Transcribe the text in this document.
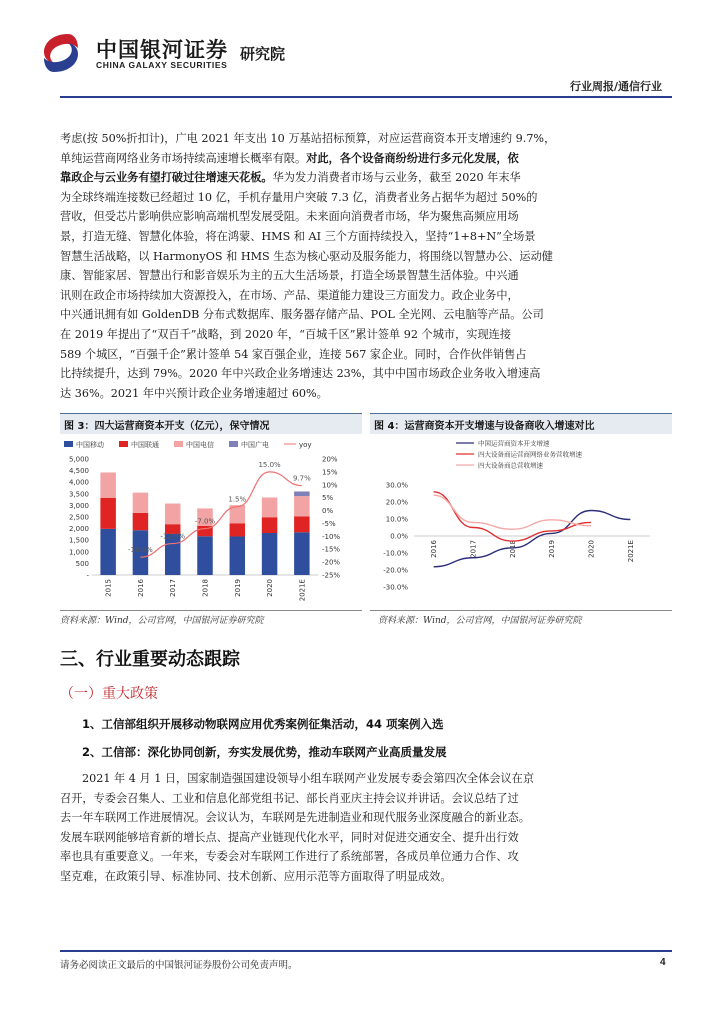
中国银河证券
CHINA GALAXY SECURITIES
研究院
行业周报/通信行业
考虑(按 50%折扣计)，广电 2021 年支出 10 万基站招标预算，对应运营商资本开支增速约 9.7%，
单纯运营商网络业务市场持续高速增长概率有限。对此，各个设备商纷纷进行多元化发展，依
靠政企与云业务有望打破过往增速天花板。华为发力消费者市场与云业务，截至 2020 年末华
为全球终端连接数已经超过 10 亿，手机存量用户突破 7.3 亿，消费者业务占据华为超过 50%的
营收，但受芯片影响供应影响高端机型发展受阻。未来面向消费者市场，华为聚焦高频应用场
景，打造无缝、智慧化体验，将在鸿蒙、HMS 和 AI 三个方面持续投入，坚持“1+8+N”全场景
智慧生活战略，以 HarmonyOS 和 HMS 生态为核心驱动及服务能力，将围绕以智慧办公、运动健
康、智能家居、智慧出行和影音娱乐为主的五大生活场景，打造全场景智慧生活体验。中兴通
讯则在政企市场持续加大资源投入，在市场、产品、渠道能力建设三方面发力。政企业务中，
中兴通讯拥有如 GoldenDB 分布式数据库、服务器存储产品、POL 全光网、云电脑等产品。公司
在 2019 年提出了“双百千”战略，到 2020 年，“百城千区”累计签单 92 个城市，实现连接
589 个城区，“百强千企”累计签单 54 家百强企业，连接 567 家企业。同时，合作伙伴销售占
比持续提升，达到 79%。2020 年中兴政企业务增速达 23%，其中中国市场政企业务收入增速高
达 36%。2021 年中兴预计政企业务增速超过 60%。
图 3：四大运营商资本开支（亿元），保守情况	图 4：运营商资本开支增速与设备商收入增速对比
中国移动	中国联通	中国电信	中国广电	yoy
5,000
4,500
4,000
3,500
3,000
2,500
2,000
1,500
1,000
500
-
20%
15%
10%
5%
0%
-5%
-10%
-15%
-20%
-25%
2015	2016	2017	2018	2019	2020	2021E
-18.1%
-12.8%
-7.0%
1.5%
15.0%
9.7%
中国运营商资本开支增速
四大设备商运营商网络业务营收增速
四大设备商总营收增速
30.0%
20.0%
10.0%
0.0%
-10.0%
-20.0%
-30.0%
2016	2017	2018	2019	2020	2021E
资料来源：Wind，公司官网，中国银河证券研究院	资料来源：Wind，公司官网，中国银河证券研究院
三、行业重要动态跟踪
（一）重大政策
1、工信部组织开展移动物联网应用优秀案例征集活动，44 项案例入选
2、工信部：深化协同创新，夯实发展优势，推动车联网产业高质量发展
2021 年 4 月 1 日，国家制造强国建设领导小组车联网产业发展专委会第四次全体会议在京
召开，专委会召集人、工业和信息化部党组书记、部长肖亚庆主持会议并讲话。会议总结了过
去一年车联网工作进展情况。会议认为，车联网是先进制造业和现代服务业深度融合的新业态。
发展车联网能够培育新的增长点、提高产业链现代化水平，同时对促进交通安全、提升出行效
率也具有重要意义。一年来，专委会对车联网工作进行了系统部署，各成员单位通力合作、攻
坚克难，在政策引导、标准协同、技术创新、应用示范等方面取得了明显成效。
请务必阅读正文最后的中国银河证券股份公司免责声明。	4
